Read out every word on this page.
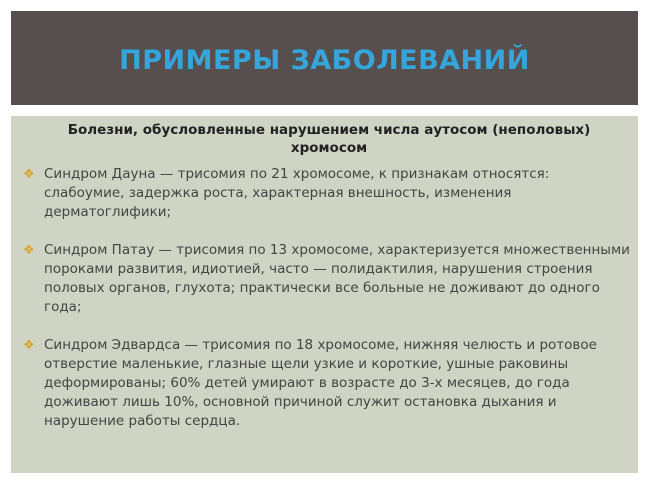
ПРИМЕРЫ ЗАБОЛЕВАНИЙ
Болезни, обусловленные нарушением числа аутосом (неполовых) хромосом
❖ Синдром Дауна — трисомия по 21 хромосоме, к признакам относятся: слабоумие, задержка роста, характерная внешность, изменения дерматоглифики;
❖ Синдром Патау — трисомия по 13 хромосоме, характеризуется множественными пороками развития, идиотией, часто — полидактилия, нарушения строения половых органов, глухота; практически все больные не доживают до одного года;
❖ Синдром Эдвардса — трисомия по 18 хромосоме, нижняя челюсть и ротовое отверстие маленькие, глазные щели узкие и короткие, ушные раковины деформированы; 60% детей умирают в возрасте до 3-х месяцев, до года доживают лишь 10%, основной причиной служит остановка дыхания и нарушение работы сердца.
